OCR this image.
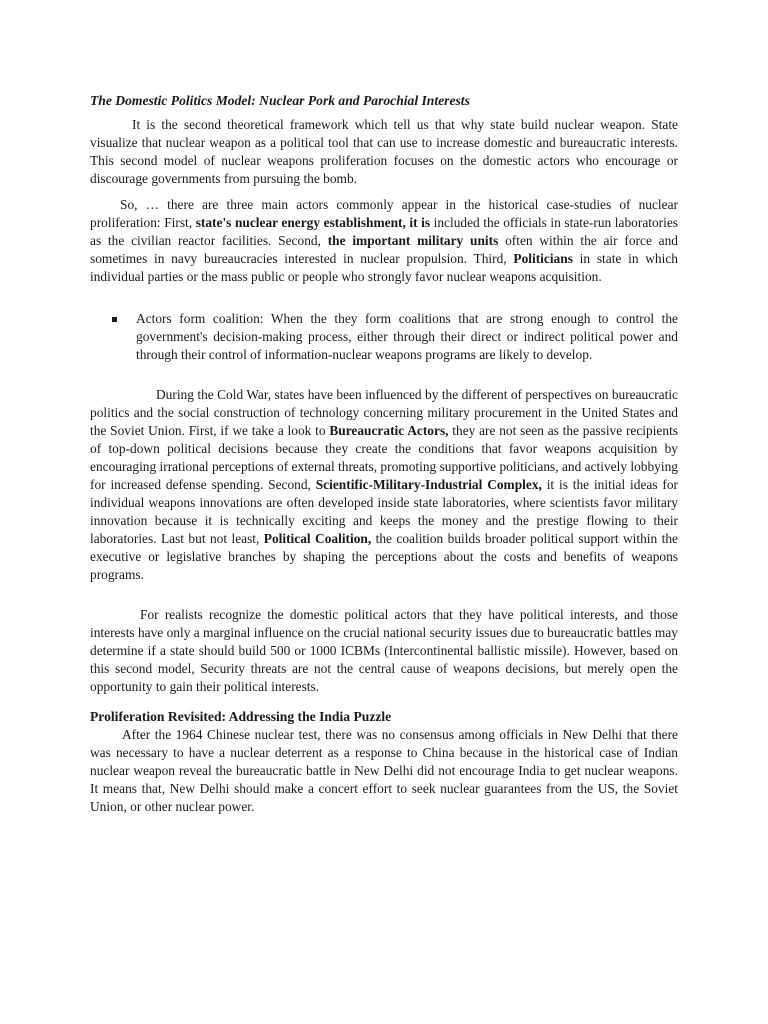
The Domestic Politics Model: Nuclear Pork and Parochial Interests

It is the second theoretical framework which tell us that why state build nuclear weapon. State visualize that nuclear weapon as a political tool that can use to increase domestic and bureaucratic interests. This second model of nuclear weapons proliferation focuses on the domestic actors who encourage or discourage governments from pursuing the bomb.

So, … there are three main actors commonly appear in the historical case-studies of nuclear proliferation: First, state's nuclear energy establishment, it is included the officials in state-run laboratories as the civilian reactor facilities. Second, the important military units often within the air force and sometimes in navy bureaucracies interested in nuclear propulsion. Third, Politicians in state in which individual parties or the mass public or people who strongly favor nuclear weapons acquisition.

Actors form coalition: When the they form coalitions that are strong enough to control the government's decision-making process, either through their direct or indirect political power and through their control of information-nuclear weapons programs are likely to develop.

During the Cold War, states have been influenced by the different of perspectives on bureaucratic politics and the social construction of technology concerning military procurement in the United States and the Soviet Union. First, if we take a look to Bureaucratic Actors, they are not seen as the passive recipients of top-down political decisions because they create the conditions that favor weapons acquisition by encouraging irrational perceptions of external threats, promoting supportive politicians, and actively lobbying for increased defense spending. Second, Scientific-Military-Industrial Complex, it is the initial ideas for individual weapons innovations are often developed inside state laboratories, where scientists favor military innovation because it is technically exciting and keeps the money and the prestige flowing to their laboratories. Last but not least, Political Coalition, the coalition builds broader political support within the executive or legislative branches by shaping the perceptions about the costs and benefits of weapons programs.

For realists recognize the domestic political actors that they have political interests, and those interests have only a marginal influence on the crucial national security issues due to bureaucratic battles may determine if a state should build 500 or 1000 ICBMs (Intercontinental ballistic missile). However, based on this second model, Security threats are not the central cause of weapons decisions, but merely open the opportunity to gain their political interests.

Proliferation Revisited: Addressing the India Puzzle

After the 1964 Chinese nuclear test, there was no consensus among officials in New Delhi that there was necessary to have a nuclear deterrent as a response to China because in the historical case of Indian nuclear weapon reveal the bureaucratic battle in New Delhi did not encourage India to get nuclear weapons. It means that, New Delhi should make a concert effort to seek nuclear guarantees from the US, the Soviet Union, or other nuclear power.
